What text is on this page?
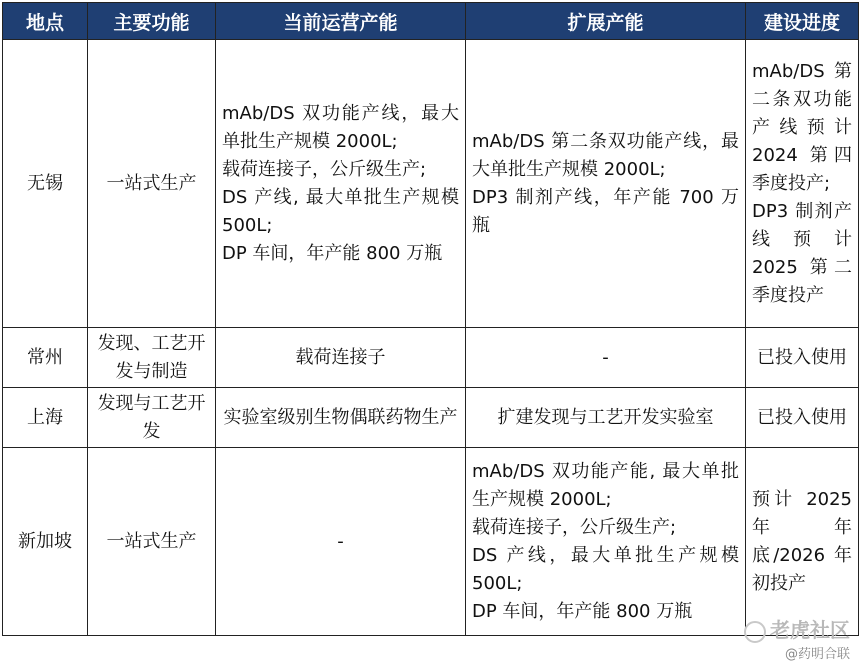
地点	主要功能	当前运营产能	扩展产能	建设进度
无锡	一站式生产	mAb/DS 双功能产线，最大单批生产规模 2000L;
载荷连接子，公斤级生产;
DS 产线, 最大单批生产规模 500L;
DP 车间，年产能 800 万瓶	mAb/DS 第二条双功能产线，最大单批生产规模 2000L;
DP3 制剂产线，年产能 700 万瓶	mAb/DS 第二条双功能产线预计 2024 第四季度投产;
DP3 制剂产线预计 2025 第二季度投产

常州	发现、工艺开发与制造	载荷连接子	-	已投入使用
上海	发现与工艺开发	实验室级别生物偶联药物生产	扩建发现与工艺开发实验室	已投入使用
新加坡	一站式生产	-	mAb/DS 双功能产能, 最大单批生产规模 2000L;
载荷连接子，公斤级生产;
DS 产线，最大单批生产规模 500L;
DP 车间，年产能 800 万瓶	预计 2025 年年底/2026 年初投产
老虎社区
@药明合联
